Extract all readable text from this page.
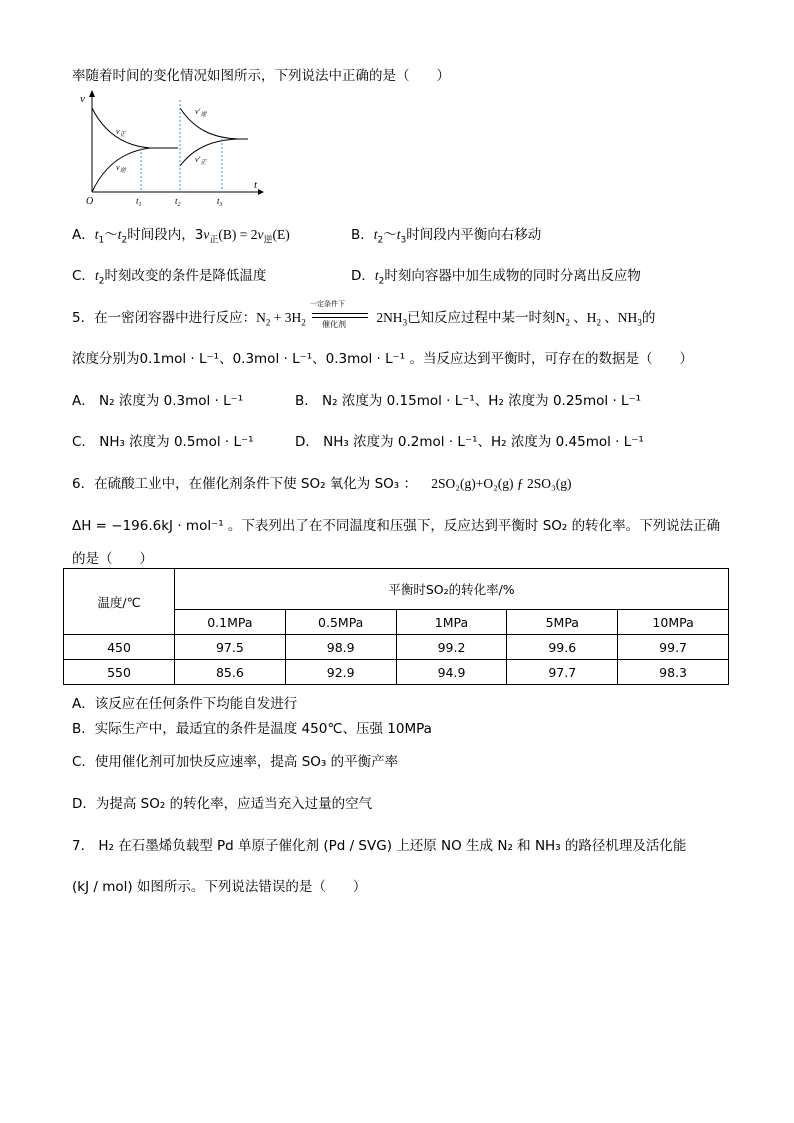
率随着时间的变化情况如图所示，下列说法中正确的是（　　）
v
t
O	$t_1$	$t_2$	$t_3$
$v_正$
$v_逆$
$v'_逆$
$v'_正$
A．$t_1\sim t_2$时间段内，$3v_正(B) = 2v_逆(E)$	B．$t_2\sim t_3$时间段内平衡向右移动
C．$t_2$时刻改变的条件是降低温度	D．$t_2$时刻向容器中加生成物的同时分离出反应物
5．在一密闭容器中进行反应：$N_2 + 3H_2$
一定条件下
催化剂 $2NH_3$已知反应过程中某一时刻$N_2$ 、$H_2$ 、$NH_3$的
浓度分别为0.1mol · L⁻¹、0.3mol · L⁻¹、0.3mol · L⁻¹ 。当反应达到平衡时，可存在的数据是（　　）
A． N₂ 浓度为 0.3mol · L⁻¹	B． N₂ 浓度为 0.15mol · L⁻¹、H₂ 浓度为 0.25mol · L⁻¹
C． NH₃ 浓度为 0.5mol · L⁻¹	D． NH₃ 浓度为 0.2mol · L⁻¹、H₂ 浓度为 0.45mol · L⁻¹
6．在硫酸工业中，在催化剂条件下使 SO₂ 氧化为 SO₃ ： 2SO₂(g)+O₂(g) ƒ 2SO₃(g)
ΔH = −196.6kJ · mol⁻¹ 。下表列出了在不同温度和压强下，反应达到平衡时 SO₂ 的转化率。下列说法正确
的是（　　）
温度/℃	平衡时SO₂的转化率/%				
	0.1MPa	0.5MPa	1MPa	5MPa	10MPa
450	97.5	98.9	99.2	99.6	99.7
550	85.6	92.9	94.9	97.7	98.3
A．该反应在任何条件下均能自发进行
B．实际生产中，最适宜的条件是温度 450℃、压强 10MPa
C．使用催化剂可加快反应速率，提高 SO₃ 的平衡产率
D．为提高 SO₂ 的转化率，应适当充入过量的空气
7． H₂ 在石墨烯负载型 Pd 单原子催化剂 (Pd / SVG) 上还原 NO 生成 N₂ 和 NH₃ 的路径机理及活化能
(kJ / mol) 如图所示。下列说法错误的是（　　）
